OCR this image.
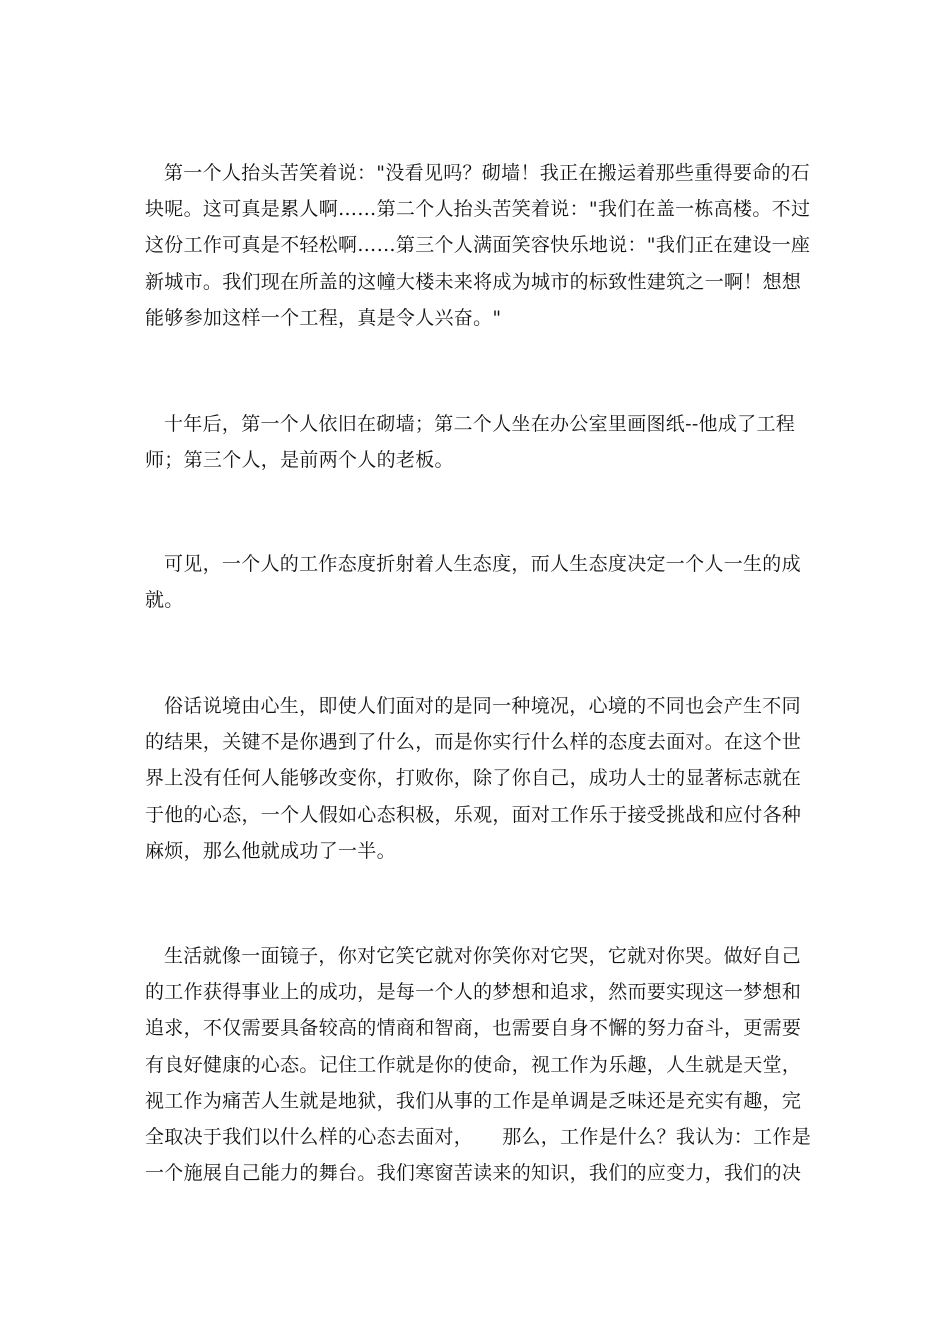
第一个人抬头苦笑着说："没看见吗？砌墙！我正在搬运着那些重得要命的石
块呢。这可真是累人啊……第二个人抬头苦笑着说："我们在盖一栋高楼。不过
这份工作可真是不轻松啊……第三个人满面笑容快乐地说："我们正在建设一座
新城市。我们现在所盖的这幢大楼未来将成为城市的标致性建筑之一啊！想想
能够参加这样一个工程，真是令人兴奋。"

十年后，第一个人依旧在砌墙；第二个人坐在办公室里画图纸--他成了工程
师；第三个人，是前两个人的老板。

可见，一个人的工作态度折射着人生态度，而人生态度决定一个人一生的成
就。

俗话说境由心生，即使人们面对的是同一种境况，心境的不同也会产生不同
的结果，关键不是你遇到了什么，而是你实行什么样的态度去面对。在这个世
界上没有任何人能够改变你，打败你，除了你自己，成功人士的显著标志就在
于他的心态，一个人假如心态积极，乐观，面对工作乐于接受挑战和应付各种
麻烦，那么他就成功了一半。

生活就像一面镜子，你对它笑它就对你笑你对它哭，它就对你哭。做好自己
的工作获得事业上的成功，是每一个人的梦想和追求，然而要实现这一梦想和
追求，不仅需要具备较高的情商和智商，也需要自身不懈的努力奋斗，更需要
有良好健康的心态。记住工作就是你的使命，视工作为乐趣，人生就是天堂，
视工作为痛苦人生就是地狱，我们从事的工作是单调是乏味还是充实有趣，完
全取决于我们以什么样的心态去面对，　　那么，工作是什么？我认为：工作是
一个施展自己能力的舞台。我们寒窗苦读来的知识，我们的应变力，我们的决
